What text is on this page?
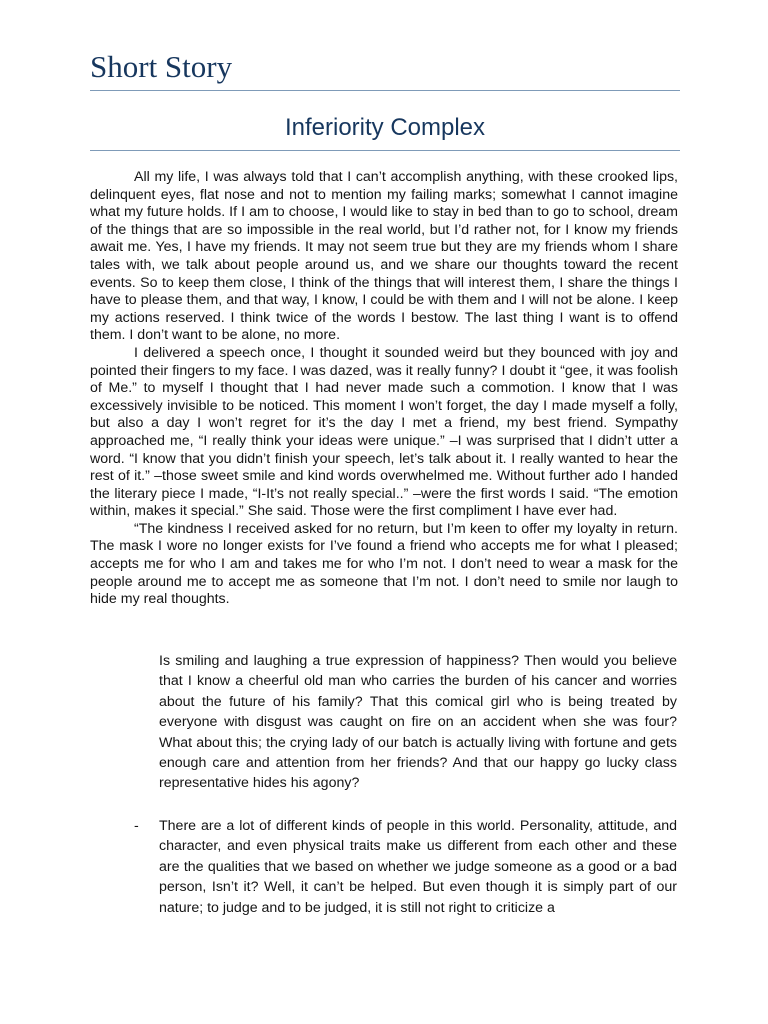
Short Story
Inferiority Complex

All my life, I was always told that I can’t accomplish anything, with these crooked lips, delinquent eyes, flat nose and not to mention my failing marks; somewhat I cannot imagine what my future holds. If I am to choose, I would like to stay in bed than to go to school, dream of the things that are so impossible in the real world, but I’d rather not, for I know my friends await me. Yes, I have my friends. It may not seem true but they are my friends whom I share tales with, we talk about people around us, and we share our thoughts toward the recent events. So to keep them close, I think of the things that will interest them, I share the things I have to please them, and that way, I know, I could be with them and I will not be alone. I keep my actions reserved. I think twice of the words I bestow. The last thing I want is to offend them. I don’t want to be alone, no more.

I delivered a speech once, I thought it sounded weird but they bounced with joy and pointed their fingers to my face. I was dazed, was it really funny? I doubt it “gee, it was foolish of Me.” to myself I thought that I had never made such a commotion. I know that I was excessively invisible to be noticed. This moment I won’t forget, the day I made myself a folly, but also a day I won’t regret for it’s the day I met a friend, my best friend. Sympathy approached me, “I really think your ideas were unique.” –I was surprised that I didn’t utter a word. “I know that you didn’t finish your speech, let’s talk about it. I really wanted to hear the rest of it.” –those sweet smile and kind words overwhelmed me. Without further ado I handed the literary piece I made, “I-It’s not really special..” –were the first words I said. “The emotion within, makes it special.” She said. Those were the first compliment I have ever had.

“The kindness I received asked for no return, but I’m keen to offer my loyalty in return. The mask I wore no longer exists for I’ve found a friend who accepts me for what I pleased; accepts me for who I am and takes me for who I’m not. I don’t need to wear a mask for the people around me to accept me as someone that I’m not. I don’t need to smile nor laugh to hide my real thoughts.

Is smiling and laughing a true expression of happiness? Then would you believe that I know a cheerful old man who carries the burden of his cancer and worries about the future of his family? That this comical girl who is being treated by everyone with disgust was caught on fire on an accident when she was four? What about this; the crying lady of our batch is actually living with fortune and gets enough care and attention from her friends? And that our happy go lucky class representative hides his agony?

- There are a lot of different kinds of people in this world. Personality, attitude, and character, and even physical traits make us different from each other and these are the qualities that we based on whether we judge someone as a good or a bad person, Isn’t it? Well, it can’t be helped. But even though it is simply part of our nature; to judge and to be judged, it is still not right to criticize a
